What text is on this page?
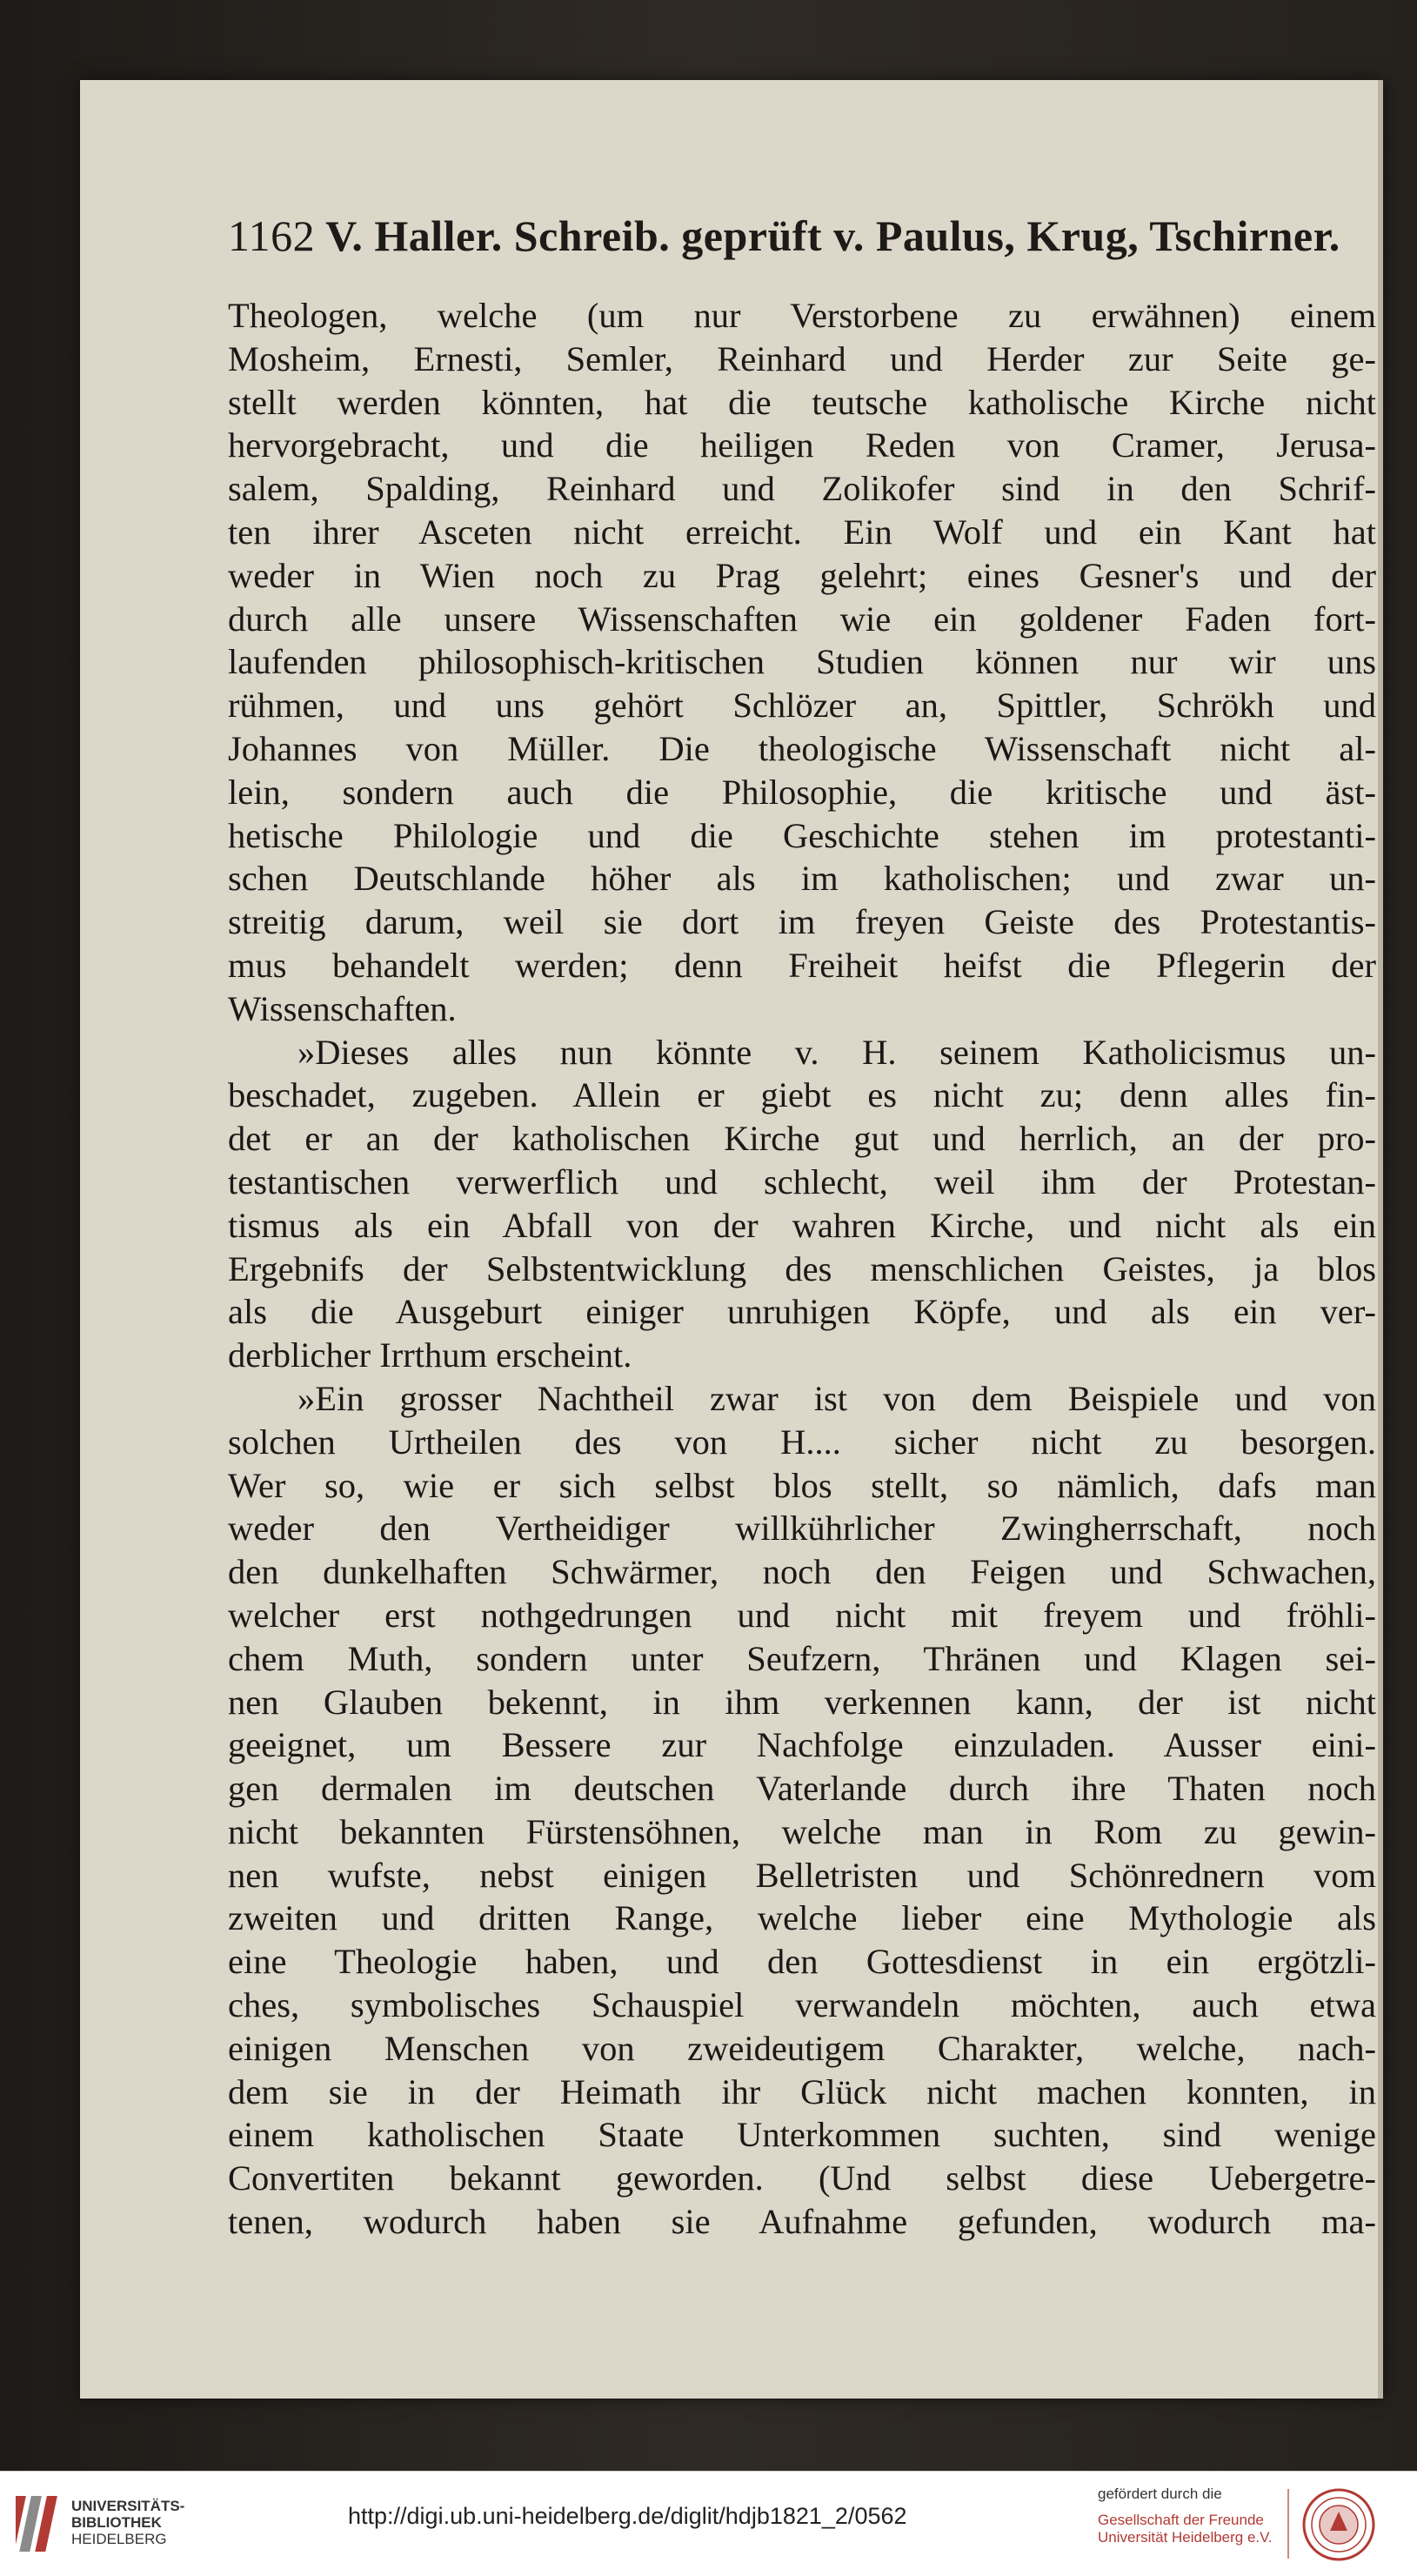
1162 V. Haller. Schreib. geprüft v. Paulus, Krug, Tschirner.
Theologen, welche (um nur Verstorbene zu erwähnen) einem
Mosheim, Ernesti, Semler, Reinhard und Herder zur Seite ge-
stellt werden könnten, hat die teutsche katholische Kirche nicht
hervorgebracht, und die heiligen Reden von Cramer, Jerusa-
salem, Spalding, Reinhard und Zolikofer sind in den Schrif-
ten ihrer Asceten nicht erreicht. Ein Wolf und ein Kant hat
weder in Wien noch zu Prag gelehrt; eines Gesner's und der
durch alle unsere Wissenschaften wie ein goldener Faden fort-
laufenden philosophisch-kritischen Studien können nur wir uns
rühmen, und uns gehört Schlözer an, Spittler, Schrökh und
Johannes von Müller. Die theologische Wissenschaft nicht al-
lein, sondern auch die Philosophie, die kritische und äst-
hetische Philologie und die Geschichte stehen im protestanti-
schen Deutschlande höher als im katholischen; und zwar un-
streitig darum, weil sie dort im freyen Geiste des Protestantis-
mus behandelt werden; denn Freiheit heifst die Pflegerin der
Wissenschaften.
»Dieses alles nun könnte v. H. seinem Katholicismus un-
beschadet, zugeben. Allein er giebt es nicht zu; denn alles fin-
det er an der katholischen Kirche gut und herrlich, an der pro-
testantischen verwerflich und schlecht, weil ihm der Protestan-
tismus als ein Abfall von der wahren Kirche, und nicht als ein
Ergebnifs der Selbstentwicklung des menschlichen Geistes, ja blos
als die Ausgeburt einiger unruhigen Köpfe, und als ein ver-
derblicher Irrthum erscheint.
»Ein grosser Nachtheil zwar ist von dem Beispiele und von
solchen Urtheilen des von H.... sicher nicht zu besorgen.
Wer so, wie er sich selbst blos stellt, so nämlich, dafs man
weder den Vertheidiger willkührlicher Zwingherrschaft, noch
den dunkelhaften Schwärmer, noch den Feigen und Schwachen,
welcher erst nothgedrungen und nicht mit freyem und fröhli-
chem Muth, sondern unter Seufzern, Thränen und Klagen sei-
nen Glauben bekennt, in ihm verkennen kann, der ist nicht
geeignet, um Bessere zur Nachfolge einzuladen. Ausser eini-
gen dermalen im deutschen Vaterlande durch ihre Thaten noch
nicht bekannten Fürstensöhnen, welche man in Rom zu gewin-
nen wufste, nebst einigen Belletristen und Schönrednern vom
zweiten und dritten Range, welche lieber eine Mythologie als
eine Theologie haben, und den Gottesdienst in ein ergötzli-
ches, symbolisches Schauspiel verwandeln möchten, auch etwa
einigen Menschen von zweideutigem Charakter, welche, nach-
dem sie in der Heimath ihr Glück nicht machen konnten, in
einem katholischen Staate Unterkommen suchten, sind wenige
Convertiten bekannt geworden. (Und selbst diese Uebergetre-
tenen, wodurch haben sie Aufnahme gefunden, wodurch ma-
UNIVERSITÄTS-
BIBLIOTHEK
HEIDELBERG
http://digi.ub.uni-heidelberg.de/diglit/hdjb1821_2/0562
gefördert durch die
Gesellschaft der Freunde
Universität Heidelberg e.V.
